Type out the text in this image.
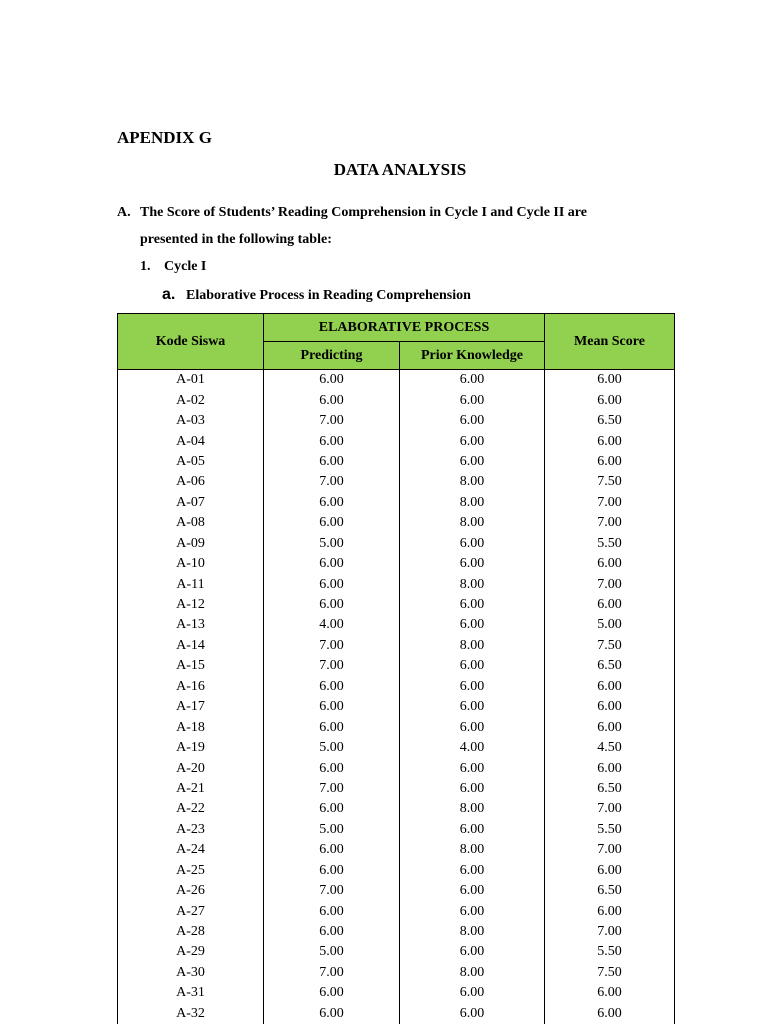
APENDIX G
DATA ANALYSIS
A. The Score of Students’ Reading Comprehension in Cycle I and Cycle II are
presented in the following table:
1. Cycle I
a. Elaborative Process in Reading Comprehension
Kode Siswa	ELABORATIVE PROCESS		Mean Score
	Predicting	Prior Knowledge	
A-01	6.00	6.00	6.00
A-02	6.00	6.00	6.00
A-03	7.00	6.00	6.50
A-04	6.00	6.00	6.00
A-05	6.00	6.00	6.00
A-06	7.00	8.00	7.50
A-07	6.00	8.00	7.00
A-08	6.00	8.00	7.00
A-09	5.00	6.00	5.50
A-10	6.00	6.00	6.00
A-11	6.00	8.00	7.00
A-12	6.00	6.00	6.00
A-13	4.00	6.00	5.00
A-14	7.00	8.00	7.50
A-15	7.00	6.00	6.50
A-16	6.00	6.00	6.00
A-17	6.00	6.00	6.00
A-18	6.00	6.00	6.00
A-19	5.00	4.00	4.50
A-20	6.00	6.00	6.00
A-21	7.00	6.00	6.50
A-22	6.00	8.00	7.00
A-23	5.00	6.00	5.50
A-24	6.00	8.00	7.00
A-25	6.00	6.00	6.00
A-26	7.00	6.00	6.50
A-27	6.00	6.00	6.00
A-28	6.00	8.00	7.00
A-29	5.00	6.00	5.50
A-30	7.00	8.00	7.50
A-31	6.00	6.00	6.00
A-32	6.00	6.00	6.00
